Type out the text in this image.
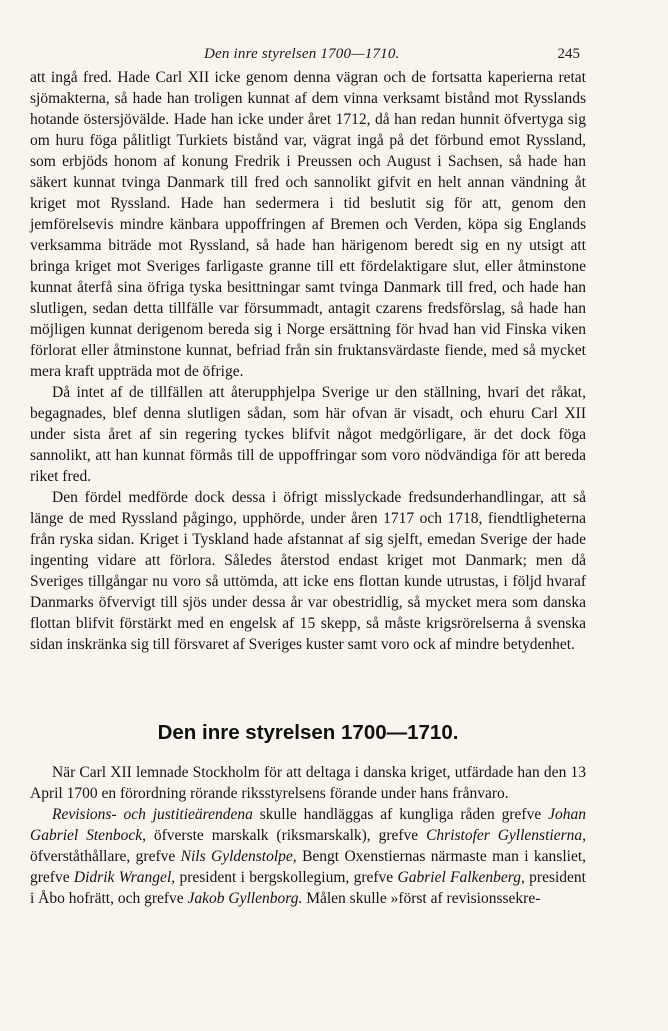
Den inre styrelsen 1700—1710.	245

att ingå fred. Hade Carl XII icke genom denna vägran och de fortsatta kaperierna retat sjömakterna, så hade han troligen kunnat af dem vinna verksamt bistånd mot Rysslands hotande östersjövälde. Hade han icke under året 1712, då han redan hunnit öfvertyga sig om huru föga pålitligt Turkiets bistånd var, vägrat ingå på det förbund emot Ryssland, som erbjöds honom af konung Fredrik i Preussen och August i Sachsen, så hade han säkert kunnat tvinga Danmark till fred och sannolikt gifvit en helt annan vändning åt kriget mot Ryssland. Hade han sedermera i tid beslutit sig för att, genom den jemförelsevis mindre känbara uppoffringen af Bremen och Verden, köpa sig Englands verksamma biträde mot Ryssland, så hade han härigenom beredt sig en ny utsigt att bringa kriget mot Sveriges farligaste granne till ett fördelaktigare slut, eller åtminstone kunnat återfå sina öfriga tyska besittningar samt tvinga Danmark till fred, och hade han slutligen, sedan detta tillfälle var försummadt, antagit czarens fredsförslag, så hade han möjligen kunnat derigenom bereda sig i Norge ersättning för hvad han vid Finska viken förlorat eller åtminstone kunnat, befriad från sin fruktansvärdaste fiende, med så mycket mera kraft uppträda mot de öfrige.

Då intet af de tillfällen att återupphjelpa Sverige ur den ställning, hvari det råkat, begagnades, blef denna slutligen sådan, som här ofvan är visadt, och ehuru Carl XII under sista året af sin regering tyckes blifvit något medgörligare, är det dock föga sannolikt, att han kunnat förmås till de uppoffringar som voro nödvändiga för att bereda riket fred.

Den fördel medförde dock dessa i öfrigt misslyckade fredsunderhandlingar, att så länge de med Ryssland pågingo, upphörde, under åren 1717 och 1718, fiendtligheterna från ryska sidan. Kriget i Tyskland hade afstannat af sig sjelft, emedan Sverige der hade ingenting vidare att förlora. Således återstod endast kriget mot Danmark; men då Sveriges tillgångar nu voro så uttömda, att icke ens flottan kunde utrustas, i följd hvaraf Danmarks öfvervigt till sjös under dessa år var obestridlig, så mycket mera som danska flottan blifvit förstärkt med en engelsk af 15 skepp, så måste krigsrörelserna å svenska sidan inskränka sig till försvaret af Sveriges kuster samt voro ock af mindre betydenhet.

Den inre styrelsen 1700—1710.

När Carl XII lemnade Stockholm för att deltaga i danska kriget, utfärdade han den 13 April 1700 en förordning rörande riksstyrelsens förande under hans frånvaro.

Revisions- och justitieärendena skulle handläggas af kungliga råden grefve Johan Gabriel Stenbock, öfverste marskalk (riksmarskalk), grefve Christofer Gyllenstierna, öfverståthållare, grefve Nils Gyldenstolpe, Bengt Oxenstiernas närmaste man i kansliet, grefve Didrik Wrangel, president i bergskollegium, grefve Gabriel Falkenberg, president i Åbo hofrätt, och grefve Jakob Gyllenborg. Målen skulle »först af revisionssekre-
